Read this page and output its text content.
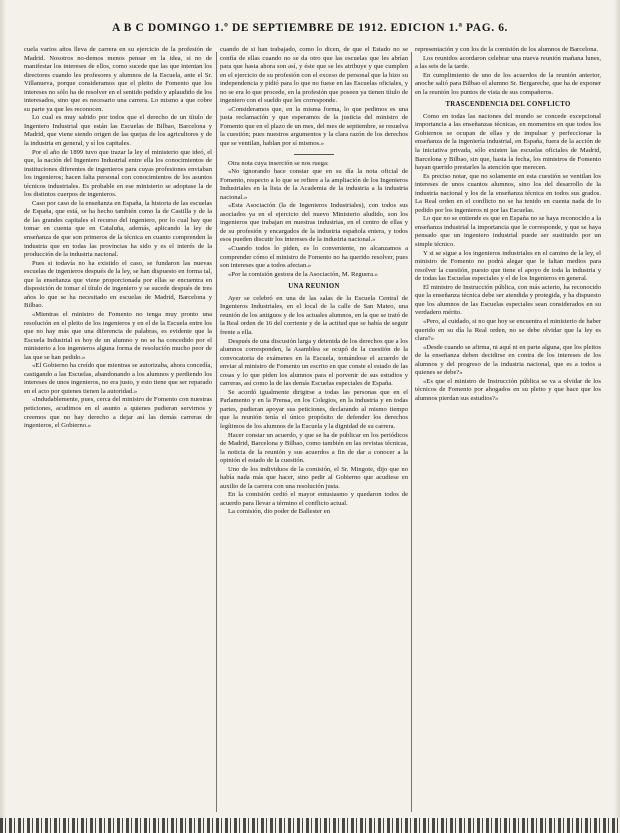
A B C DOMINGO 1.º DE SEPTIEMBRE DE 1912. EDICION 1.ª PAG. 6.

cuela varios años lleva de carrera en su ejercicio de la profesión de Madrid. Nosotros no-demos menos pensar en la idea, si no de manifestar los intereses de ellos, como sucede que las que intentan los directores cuando les profesores y alumnos de la Escuela, ante el Sr. Villanueva, porque consideramos que el pleito de Fomento que los intereses no sólo ha de resolver en el sentido pedido y aplaudido de los interesados, sino que es necesario una carrera. Lo mismo a que cobre su parte ya que les reconocen.

Lo cual es muy sabido por todos que el derecho de un título de Ingeniero Industrial que están las Escuelas de Bilbao, Barcelona y Madrid, que viene siendo origen de las quejas de los agricultores y de la industria en general, y sí los capitales.

Por el año de 1899 tuvo que trazar la ley el ministerio que ideó, el que, la nación del Ingeniero Industrial entre ella los conocimientos de instituciones diferentes de ingenieros para cuyas profesiones enviaban los ingenieros; hacen falta personal con conocimientos de los asuntos técnicos industriales. Es probable en ese ministerio se adoptase la de los distintos cuerpos de ingenieros.

Caso por caso de la enseñanza en España, la historia de las escuelas de España, que está, se ha hecho también como la de Castilla y de la de las grandes capitales el recurso del ingeniero, por lo cual hay que tomar en cuenta que en Cataluña, además, aplicando la ley de enseñanza de que son primeros de la técnica en cuanto comprenden la industria que en todas las provincias ha sido y es el interés de la producción de la industria nacional.

Pues si todavía no ha existido el caso, se fundaron las nuevas escuelas de ingenieros después de la ley, se han dispuesto en forma tal, que la enseñanza que viene proporcionada por ellas se encuentra en disposición de tomar el título de ingeniero y se sucede después de tres años lo que se ha necesitado en escuelas de Madrid, Barcelona y Bilbao.

«Mientras el ministro de Fomento no tenga muy pronto una resolución en el pleito de los ingenieros y en el de la Escuela entre los que no hay más que una diferencia de palabras, es evidente que la Escuela Industrial es hoy de un alumno y no se ha concedido por el ministerio a los ingenieros alguna forma de resolución mucho peor de las que se han pedido.»

«El Gobierno ha creído que mientras se autorizaba, ahora concedía, castigando a las Escuelas, abandonando a los alumnos y perdiendo los intereses de unos ingenieros, no era justo, y esto tiene que ser reparado en el acto por quienes tienen la autoridad.»

«Indudablemente, pues, cerca del ministro de Fomento con nuestras peticiones, acudimos en el asunto a quienes pudieran servirnos y creemos que no hay derecho a dejar así las demás carreras de ingenieros, el Gobierno.»

cuando de si han trabajado, como lo dicen, de que el Estado no se confía de ellas cuando no se da otro que las escuelas que les abrían para que hasta ahora son así, y éste que se les atribuye y que cumplen en el ejercicio de su profesión con el exceso de personal que la hizo su independencia y pidió para lo que no fuese en las Escuelas oficiales, y no se era lo que procede, en la profesión que poseen ya tienen título de ingeniero con el sueldo que les corresponde.

«Consideramos que, en la misma forma, lo que pedimos es una justa reclamación y que esperamos de la justicia del ministro de Fomento que en el plazo de un mes, del mes de septiembre, se resuelva la cuestión; pues nuestros argumentos y la clara razón de los derechos que se ventilan, hablan por sí mismos.»

Otra nota cuya inserción se nos ruega:

«No ignorando hace constar que en su día la nota oficial de Fomento, respecto a lo que se refiere a la ampliación de los Ingenieros Industriales en la lista de la Academia de la industria a la industria nacional.»

«Esta Asociación (la de Ingenieros Industriales), con todos sus asociados ya en el ejercicio del nuevo Ministerio aludido, son los ingenieros que trabajan en nuestras industrias, en el centro de ellas y de su profesión y encargados de la industria española entera, y todos esos pueden discutir los intereses de la industria nacional.»

«Cuando todos lo piden, es lo conveniente, no alcanzamos a comprender cómo el ministro de Fomento no ha querido resolver, pues son intereses que a todos afectan.»

«Por la comisión gestora de la Asociación, M. Reguera.»

UNA REUNION

Ayer se celebró en una de las salas de la Escuela Central de Ingenieros Industriales, en el local de la calle de San Mateo, una reunión de los antiguos y de los actuales alumnos, en la que se trató de la Real orden de 16 del corriente y de la actitud que se había de seguir frente a ella.

Después de una discusión larga y detenida de los derechos que a los alumnos corresponden, la Asamblea se ocupó de la cuestión de la convocatoria de exámenes en la Escuela, tomándose el acuerdo de enviar al ministro de Fomento un escrito en que conste el estado de las cosas y lo que piden los alumnos para el porvenir de sus estudios y carreras, así como la de las demás Escuelas especiales de España.

Se acordó igualmente dirigirse a todas las personas que en el Parlamento y en la Prensa, en los Colegios, en la industria y en todas partes, pudieran apoyar sus peticiones, declarando al mismo tiempo que la reunión tenía el único propósito de defender los derechos legítimos de los alumnos de la Escuela y la dignidad de su carrera.

Hacer constar un acuerdo, y que se ha de publicar en los periódicos de Madrid, Barcelona y Bilbao, como también en las revistas técnicas, la noticia de la reunión y sus acuerdos a fin de dar a conocer a la opinión el estado de la cuestión.

Uno de los individuos de la comisión, el Sr. Mingote, dijo que no había nada más que hacer, sino pedir al Gobierno que acudiese en auxilio de la carrera con una resolución justa.

En la comisión cedió el mayor entusiasmo y quedaron todos de acuerdo para llevar a término el conflicto actual.

La comisión, dio poder de Ballester en

representación y con los de la comisión de los alumnos de Barcelona.

Los reunidos acordaron celebrar una nueva reunión mañana lunes, a las seis de la tarde.

En cumplimiento de uno de los acuerdos de la reunión anterior, anoche salió para Bilbao el alumno Sr. Bergareche, que ha de exponer en la reunión los puntos de vista de sus compañeros.

TRASCENDENCIA DEL CONFLICTO

Como en todas las naciones del mundo se concede excepcional importancia a las enseñanzas técnicas, en momentos en que todos los Gobiernos se ocupan de ellas y de impulsar y perfeccionar la enseñanza de la ingeniería industrial, en España, fuera de la acción de la iniciativa privada, sólo existen las escuelas oficiales de Madrid, Barcelona y Bilbao, sin que, hasta la fecha, los ministros de Fomento hayan querido prestarles la atención que merecen.

Es preciso notar, que no solamente en esta cuestión se ventilan los intereses de unos cuantos alumnos, sino los del desarrollo de la industria nacional y los de la enseñanza técnica en todos sus grados. La Real orden en el conflicto no se ha tenido en cuenta nada de lo pedido por los ingenieros ni por las Escuelas.

Lo que no se entiende es que en España no se haya reconocido a la enseñanza industrial la importancia que le corresponde, y que se haya pensado que un ingeniero industrial puede ser sustituido por un simple técnico.

Y si se sigue a los ingenieros industriales en el camino de la ley, el ministro de Fomento no podrá alegar que le faltan medios para resolver la cuestión, puesto que tiene el apoyo de toda la industria y de todas las Escuelas especiales y el de los Ingenieros en general.

El ministro de Instrucción pública, con más acierto, ha reconocido que la enseñanza técnica debe ser atendida y protegida, y ha dispuesto que los alumnos de las Escuelas especiales sean considerados en su verdadero mérito.

«Pero, al cuidado, si no que hoy se encuentra el ministerio de haber querido en su día la Real orden, no se debe olvidar que la ley es clara?»

«Desde cuando se afirma, ni aquí ni en parte alguna, que los pleitos de la enseñanza deben decidirse en contra de los intereses de los alumnos y del progreso de la industria nacional, que es a todos a quienes se debe?»

«Es que el ministro de Instrucción pública se va a olvidar de los técnicos de Fomento por ahogados en su pleito y que hace que los alumnos pierdan sus estudios?»
